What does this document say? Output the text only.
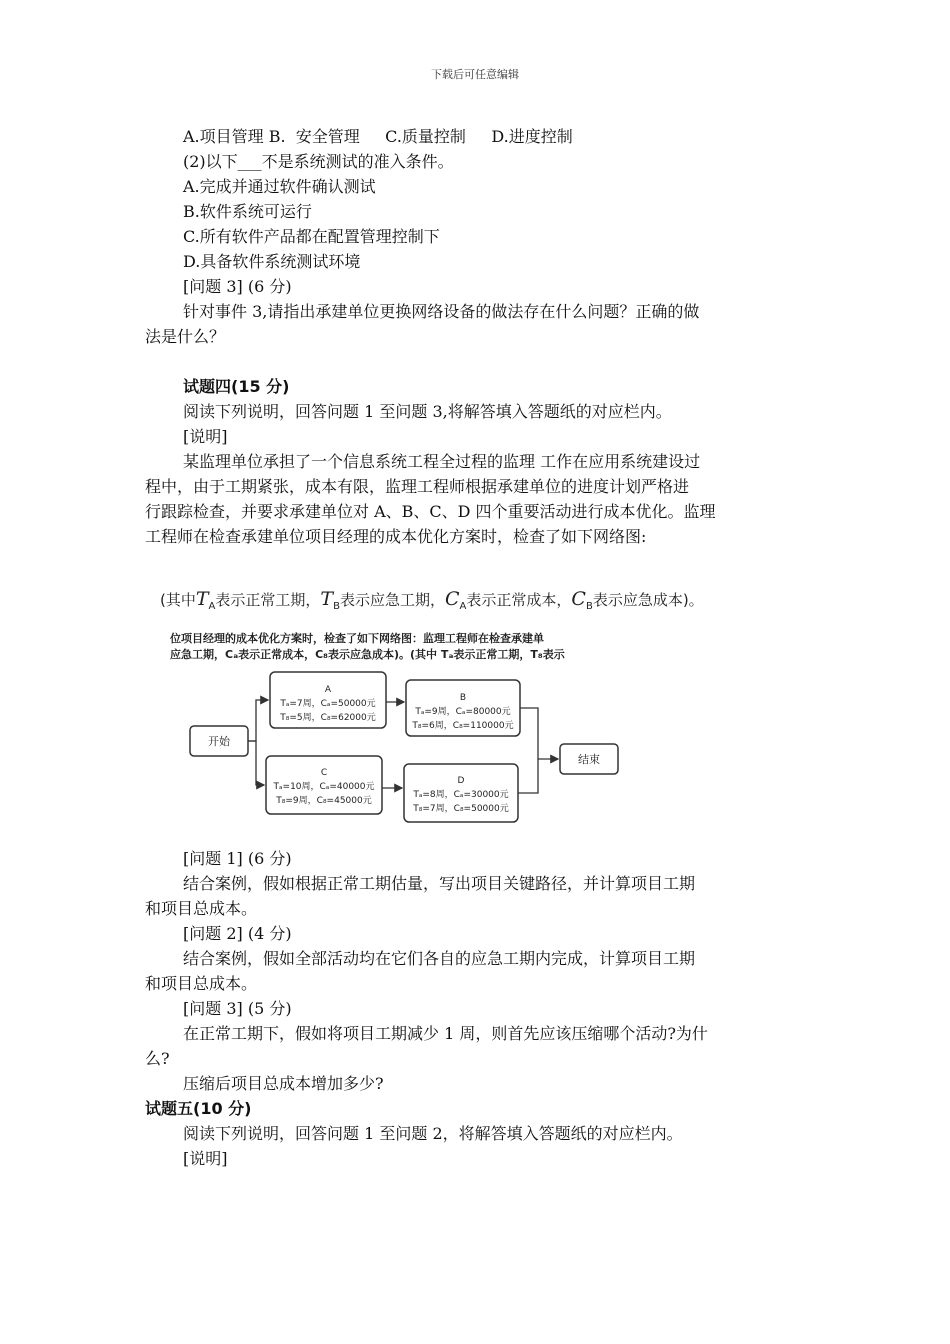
下载后可任意编辑
A.项目管理 B.  安全管理     C.质量控制     D.进度控制
(2)以下___不是系统测试的准入条件。
A.完成并通过软件确认测试
B.软件系统可运行
C.所有软件产品都在配置管理控制下
D.具备软件系统测试环境
[问题 3] (6 分)
针对事件 3,请指出承建单位更换网络设备的做法存在什么问题？正确的做
法是什么？
试题四(15 分)
阅读下列说明，回答问题 1 至问题 3,将解答填入答题纸的对应栏内。
[说明]
某监理单位承担了一个信息系统工程全过程的监理 工作在应用系统建设过
程中，由于工期紧张，成本有限，监理工程师根据承建单位的进度计划严格进
行跟踪检查，并要求承建单位对 A、B、C、D 四个重要活动进行成本优化。监理
工程师在检查承建单位项目经理的成本优化方案时，检查了如下网络图:
(其中$T_A$表示正常工期，$T_B$表示应急工期，$C_A$表示正常成本，$C_B$表示应急成本)。
位项目经理的成本优化方案时，检查了如下网络图：监理工程师在检查承建单
应急工期，Cₐ表示正常成本，C₈表示应急成本)。(其中 Tₐ表示正常工期，T₈表示
开始
结束
A
Tₐ=7周，Cₐ=50000元
T₈=5周，C₈=62000元
B
Tₐ=9周，Cₐ=80000元
T₈=6周，C₈=110000元
C
Tₐ=10周，Cₐ=40000元
T₈=9周，C₈=45000元
D
Tₐ=8周，Cₐ=30000元
T₈=7周，C₈=50000元
[问题 1] (6 分)
结合案例，假如根据正常工期估量，写出项目关键路径，并计算项目工期
和项目总成本。
[问题 2] (4 分)
结合案例，假如全部活动均在它们各自的应急工期内完成，计算项目工期
和项目总成本。
[问题 3] (5 分)
在正常工期下，假如将项目工期减少 1 周，则首先应该压缩哪个活动?为什
么?
压缩后项目总成本增加多少?
试题五(10 分)
阅读下列说明，回答问题 1 至问题 2，将解答填入答题纸的对应栏内。
[说明]
